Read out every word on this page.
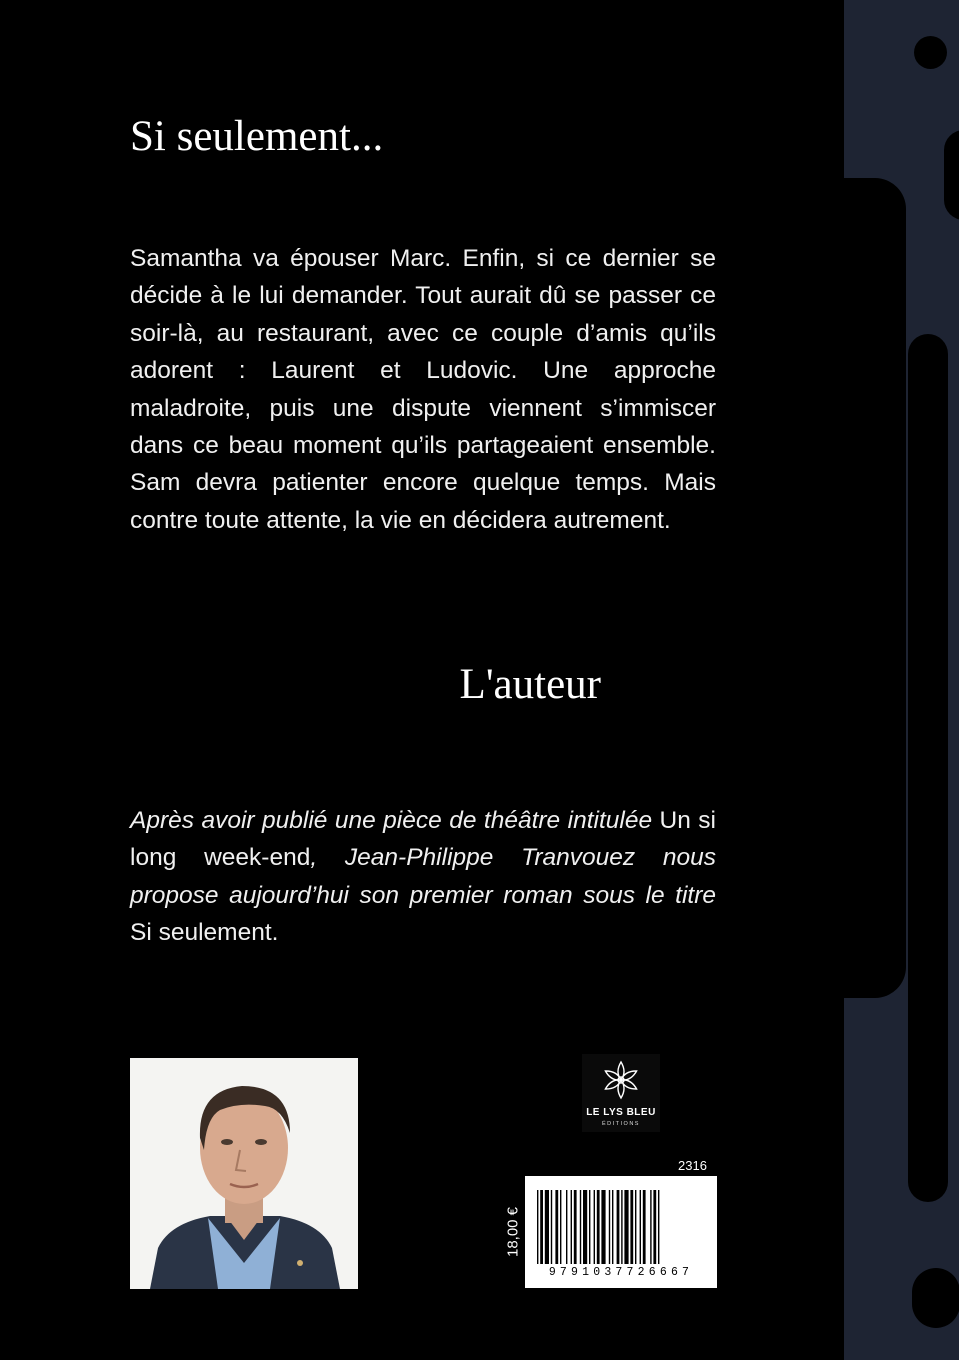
Si seulement...

Samantha va épouser Marc. Enfin, si ce dernier se décide à le lui demander. Tout aurait dû se passer ce soir-là, au restaurant, avec ce couple d’amis qu’ils adorent : Laurent et Ludovic. Une approche maladroite, puis une dispute viennent s’immiscer dans ce beau moment qu’ils partageaient ensemble. Sam devra patienter encore quelque temps. Mais contre toute attente, la vie en décidera autrement.

L'auteur

Après avoir publié une pièce de théâtre intitulée Un si long week-end, Jean-Philippe Tranvouez nous propose aujourd’hui son premier roman sous le titre Si seulement.

LE LYS BLEU
ÉDITIONS
2316
18,00 €
9791037726667
